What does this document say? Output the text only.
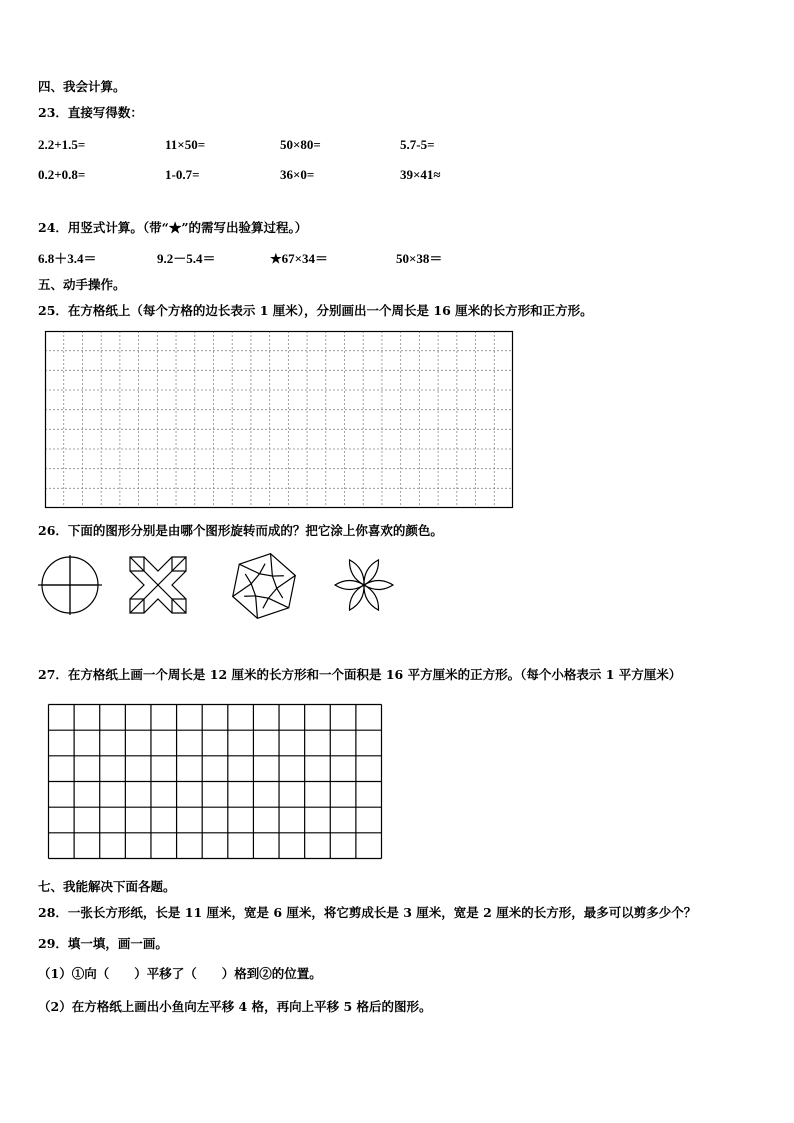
四、我会计算。
23．直接写得数：
2.2+1.5=	11×50=	50×80=	5.7-5=
0.2+0.8=	1-0.7=	36×0=	39×41≈
24．用竖式计算。（带“★”的需写出验算过程。）
6.8＋3.4＝	9.2－5.4＝	★67×34＝	50×38＝
五、动手操作。
25．在方格纸上（每个方格的边长表示 1 厘米），分别画出一个周长是 16 厘米的长方形和正方形。
26．下面的图形分别是由哪个图形旋转而成的？把它涂上你喜欢的颜色。
27．在方格纸上画一个周长是 12 厘米的长方形和一个面积是 16 平方厘米的正方形。（每个小格表示 1 平方厘米）
七、我能解决下面各题。
28．一张长方形纸，长是 11 厘米，宽是 6 厘米，将它剪成长是 3 厘米，宽是 2 厘米的长方形，最多可以剪多少个？
29．填一填，画一画。
（1）①向（　　）平移了（　　）格到②的位置。
（2）在方格纸上画出小鱼向左平移 4 格，再向上平移 5 格后的图形。
